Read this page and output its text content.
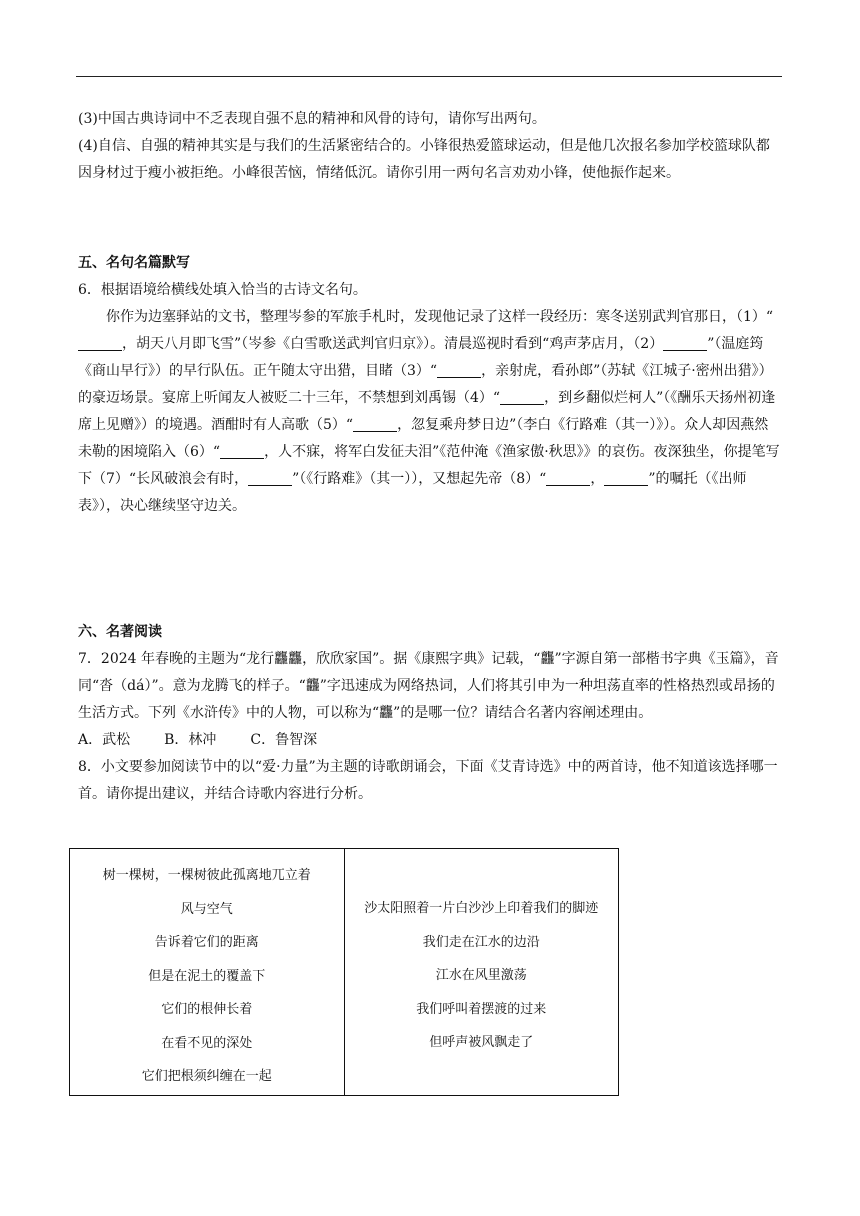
(3)中国古典诗词中不乏表现自强不息的精神和风骨的诗句，请你写出两句。

(4)自信、自强的精神其实是与我们的生活紧密结合的。小锋很热爱篮球运动，但是他几次报名参加学校篮球队都因身材过于瘦小被拒绝。小峰很苦恼，情绪低沉。请你引用一两句名言劝劝小锋，使他振作起来。

五、名句名篇默写

6．根据语境给横线处填入恰当的古诗文名句。

你作为边塞驿站的文书，整理岑参的军旅手札时，发现他记录了这样一段经历：寒冬送别武判官那日，（1）“，胡天八月即飞雪”（岑参《白雪歌送武判官归京》）。清晨巡视时看到“鸡声茅店月，（2）	”（温庭筠《商山早行》）的早行队伍。正午随太守出猎，目睹（3）“	，亲射虎，看孙郎”（苏轼《江城子·密州出猎》）的豪迈场景。宴席上听闻友人被贬二十三年，不禁想到刘禹锡（4）“	，到乡翻似烂柯人”（《酬乐天扬州初逢席上见赠》）的境遇。酒酣时有人高歌（5）“	，忽复乘舟梦日边”（李白《行路难（其一）》）。众人却因燕然未勒的困境陷入（6）“	，人不寐，将军白发征夫泪”《范仲淹《渔家傲·秋思》》的哀伤。夜深独坐，你提笔写下（7）“长风破浪会有时，	”（《行路难》（其一）），又想起先帝（8）“	，	”的嘱托（《出师表》），决心继续坚守边关。

六、名著阅读

7．2024 年春晚的主题为“龙行龘龘，欣欣家国”。据《康熙字典》记载，“龘”字源自第一部楷书字典《玉篇》，音同“沓（dá）”。意为龙腾飞的样子。“龘”字迅速成为网络热词，人们将其引申为一种坦荡直率的性格热烈或昂扬的生活方式。下列《水浒传》中的人物，可以称为“龘”的是哪一位？请结合名著内容阐述理由。

A．武松 B．林冲 C．鲁智深

8．小文要参加阅读节中的以“爱·力量”为主题的诗歌朗诵会，下面《艾青诗选》中的两首诗，他不知道该选择哪一首。请你提出建议，并结合诗歌内容进行分析。

树一棵树，一棵树彼此孤离地兀立着
风与空气
告诉着它们的距离
但是在泥土的覆盖下
它们的根伸长着
在看不见的深处
它们把根须纠缠在一起

沙太阳照着一片白沙沙上印着我们的脚迹
我们走在江水的边沿
江水在风里激荡
我们呼叫着摆渡的过来
但呼声被风飘走了
